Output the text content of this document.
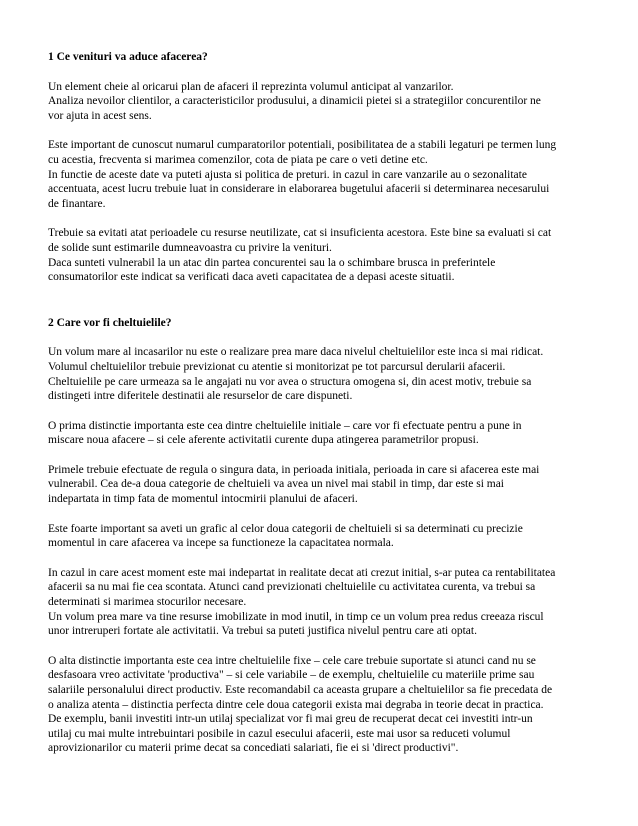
1 Ce venituri va aduce afacerea?

Un element cheie al oricarui plan de afaceri il reprezinta volumul anticipat al vanzarilor.
Analiza nevoilor clientilor, a caracteristicilor produsului, a dinamicii pietei si a strategiilor concurentilor ne
vor ajuta in acest sens.

Este important de cunoscut numarul cumparatorilor potentiali, posibilitatea de a stabili legaturi pe termen lung
cu acestia, frecventa si marimea comenzilor, cota de piata pe care o veti detine etc.
In functie de aceste date va puteti ajusta si politica de preturi. in cazul in care vanzarile au o sezonalitate
accentuata, acest lucru trebuie luat in considerare in elaborarea bugetului afacerii si determinarea necesarului
de finantare.

Trebuie sa evitati atat perioadele cu resurse neutilizate, cat si insuficienta acestora. Este bine sa evaluati si cat
de solide sunt estimarile dumneavoastra cu privire la venituri.
Daca sunteti vulnerabil la un atac din partea concurentei sau la o schimbare brusca in preferintele
consumatorilor este indicat sa verificati daca aveti capacitatea de a depasi aceste situatii.

2 Care vor fi cheltuielile?

Un volum mare al incasarilor nu este o realizare prea mare daca nivelul cheltuielilor este inca si mai ridicat.
Volumul cheltuielilor trebuie previzionat cu atentie si monitorizat pe tot parcursul derularii afacerii.
Cheltuielile pe care urmeaza sa le angajati nu vor avea o structura omogena si, din acest motiv, trebuie sa
distingeti intre diferitele destinatii ale resurselor de care dispuneti.

O prima distinctie importanta este cea dintre cheltuielile initiale – care vor fi efectuate pentru a pune in
miscare noua afacere – si cele aferente activitatii curente dupa atingerea parametrilor propusi.

Primele trebuie efectuate de regula o singura data, in perioada initiala, perioada in care si afacerea este mai
vulnerabil. Cea de-a doua categorie de cheltuieli va avea un nivel mai stabil in timp, dar este si mai
indepartata in timp fata de momentul intocmirii planului de afaceri.

Este foarte important sa aveti un grafic al celor doua categorii de cheltuieli si sa determinati cu precizie
momentul in care afacerea va incepe sa functioneze la capacitatea normala.

In cazul in care acest moment este mai indepartat in realitate decat ati crezut initial, s-ar putea ca rentabilitatea
afacerii sa nu mai fie cea scontata. Atunci cand previzionati cheltuielile cu activitatea curenta, va trebui sa
determinati si marimea stocurilor necesare.
Un volum prea mare va tine resurse imobilizate in mod inutil, in timp ce un volum prea redus creeaza riscul
unor intreruperi fortate ale activitatii. Va trebui sa puteti justifica nivelul pentru care ati optat.

O alta distinctie importanta este cea intre cheltuielile fixe – cele care trebuie suportate si atunci cand nu se
desfasoara vreo activitate 'productiva" – si cele variabile – de exemplu, cheltuielile cu materiile prime sau
salariile personalului direct productiv. Este recomandabil ca aceasta grupare a cheltuielilor sa fie precedata de
o analiza atenta – distinctia perfecta dintre cele doua categorii exista mai degraba in teorie decat in practica.
De exemplu, banii investiti intr-un utilaj specializat vor fi mai greu de recuperat decat cei investiti intr-un
utilaj cu mai multe intrebuintari posibile in cazul esecului afacerii, este mai usor sa reduceti volumul
aprovizionarilor cu materii prime decat sa concediati salariati, fie ei si 'direct productivi".
